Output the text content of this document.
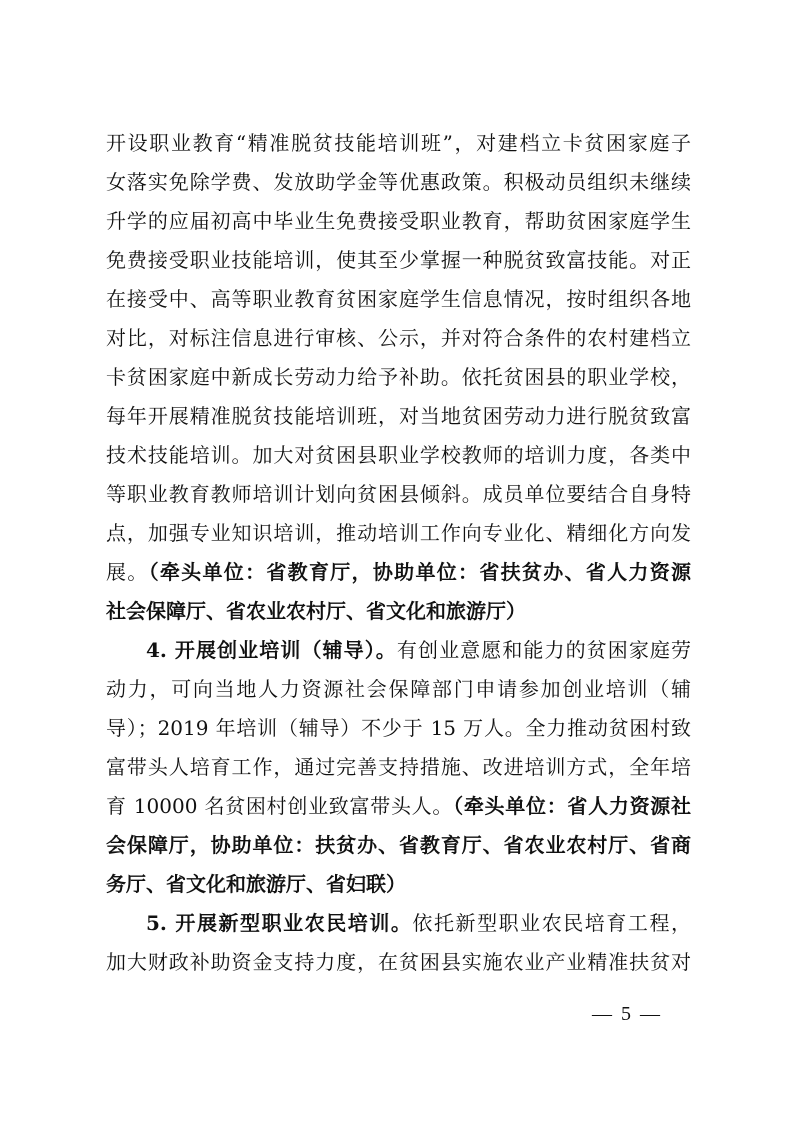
开设职业教育“精准脱贫技能培训班”，对建档立卡贫困家庭子
女落实免除学费、发放助学金等优惠政策。积极动员组织未继续
升学的应届初高中毕业生免费接受职业教育，帮助贫困家庭学生
免费接受职业技能培训，使其至少掌握一种脱贫致富技能。对正
在接受中、高等职业教育贫困家庭学生信息情况，按时组织各地
对比，对标注信息进行审核、公示，并对符合条件的农村建档立
卡贫困家庭中新成长劳动力给予补助。依托贫困县的职业学校，
每年开展精准脱贫技能培训班，对当地贫困劳动力进行脱贫致富
技术技能培训。加大对贫困县职业学校教师的培训力度，各类中
等职业教育教师培训计划向贫困县倾斜。成员单位要结合自身特
点，加强专业知识培训，推动培训工作向专业化、精细化方向发
展。（牵头单位：省教育厅，协助单位：省扶贫办、省人力资源
社会保障厅、省农业农村厅、省文化和旅游厅）
4. 开展创业培训（辅导）。有创业意愿和能力的贫困家庭劳
动力，可向当地人力资源社会保障部门申请参加创业培训（辅
导）；2019 年培训（辅导）不少于 15 万人。全力推动贫困村致
富带头人培育工作，通过完善支持措施、改进培训方式，全年培
育 10000 名贫困村创业致富带头人。（牵头单位：省人力资源社
会保障厅，协助单位：扶贫办、省教育厅、省农业农村厅、省商
务厅、省文化和旅游厅、省妇联）
5. 开展新型职业农民培训。依托新型职业农民培育工程，
加大财政补助资金支持力度，在贫困县实施农业产业精准扶贫对
— 5 —
